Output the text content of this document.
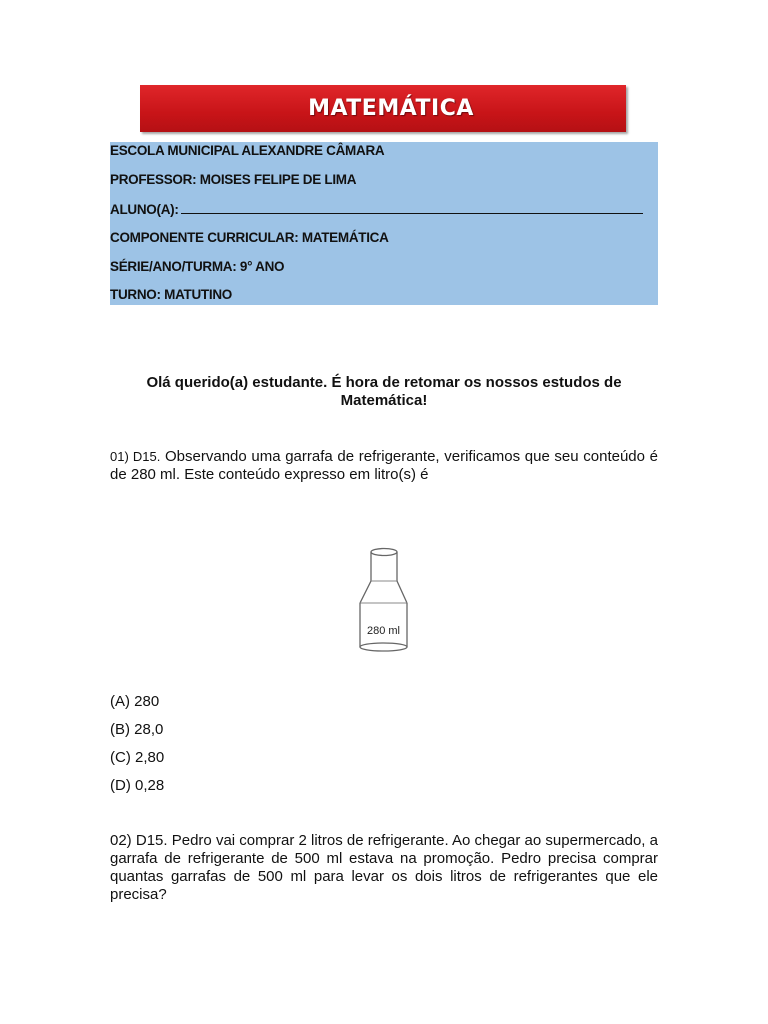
MATEMÁTICA
ESCOLA MUNICIPAL ALEXANDRE CÂMARA
PROFESSOR: MOISES FELIPE DE LIMA
ALUNO(A):
COMPONENTE CURRICULAR: MATEMÁTICA
SÉRIE/ANO/TURMA: 9° ANO
TURNO: MATUTINO
Olá querido(a) estudante. É hora de retomar os nossos estudos de Matemática!
01) D15. Observando uma garrafa de refrigerante, verificamos que seu conteúdo é de 280 ml. Este conteúdo expresso em litro(s) é
280 ml
(A) 280
(B) 28,0
(C) 2,80
(D) 0,28
02) D15. Pedro vai comprar 2 litros de refrigerante. Ao chegar ao supermercado, a garrafa de refrigerante de 500 ml estava na promoção. Pedro precisa comprar quantas garrafas de 500 ml para levar os dois litros de refrigerantes que ele precisa?
